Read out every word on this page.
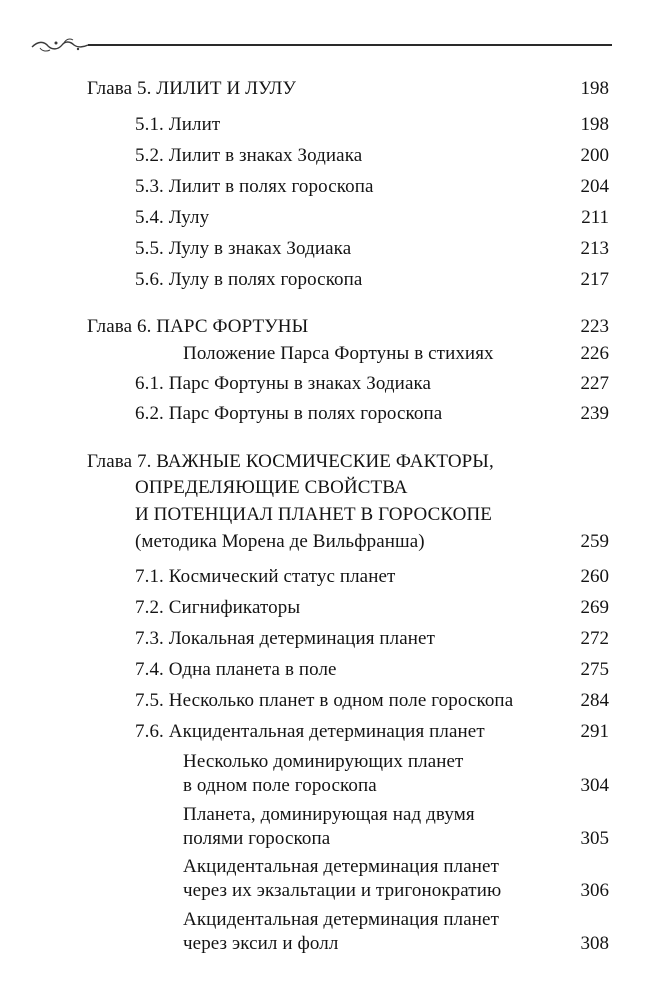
Глава 5. ЛИЛИТ И ЛУЛУ	198
5.1. Лилит	198
5.2. Лилит в знаках Зодиака	200
5.3. Лилит в полях гороскопа	204
5.4. Лулу	211
5.5. Лулу в знаках Зодиака	213
5.6. Лулу в полях гороскопа	217
Глава 6. ПАРС ФОРТУНЫ	223
Положение Парса Фортуны в стихиях	226
6.1. Парс Фортуны в знаках Зодиака	227
6.2. Парс Фортуны в полях гороскопа	239
Глава 7. ВАЖНЫЕ КОСМИЧЕСКИЕ ФАКТОРЫ,
ОПРЕДЕЛЯЮЩИЕ СВОЙСТВА
И ПОТЕНЦИАЛ ПЛАНЕТ В ГОРОСКОПЕ
(методика Морена де Вильфранша)	259
7.1. Космический статус планет	260
7.2. Сигнификаторы	269
7.3. Локальная детерминация планет	272
7.4. Одна планета в поле	275
7.5. Несколько планет в одном поле гороскопа	284
7.6. Акцидентальная детерминация планет	291
Несколько доминирующих планет
в одном поле гороскопа	304
Планета, доминирующая над двумя
полями гороскопа	305
Акцидентальная детерминация планет
через их экзальтации и тригонократию	306
Акцидентальная детерминация планет
через эксил и фолл	308
